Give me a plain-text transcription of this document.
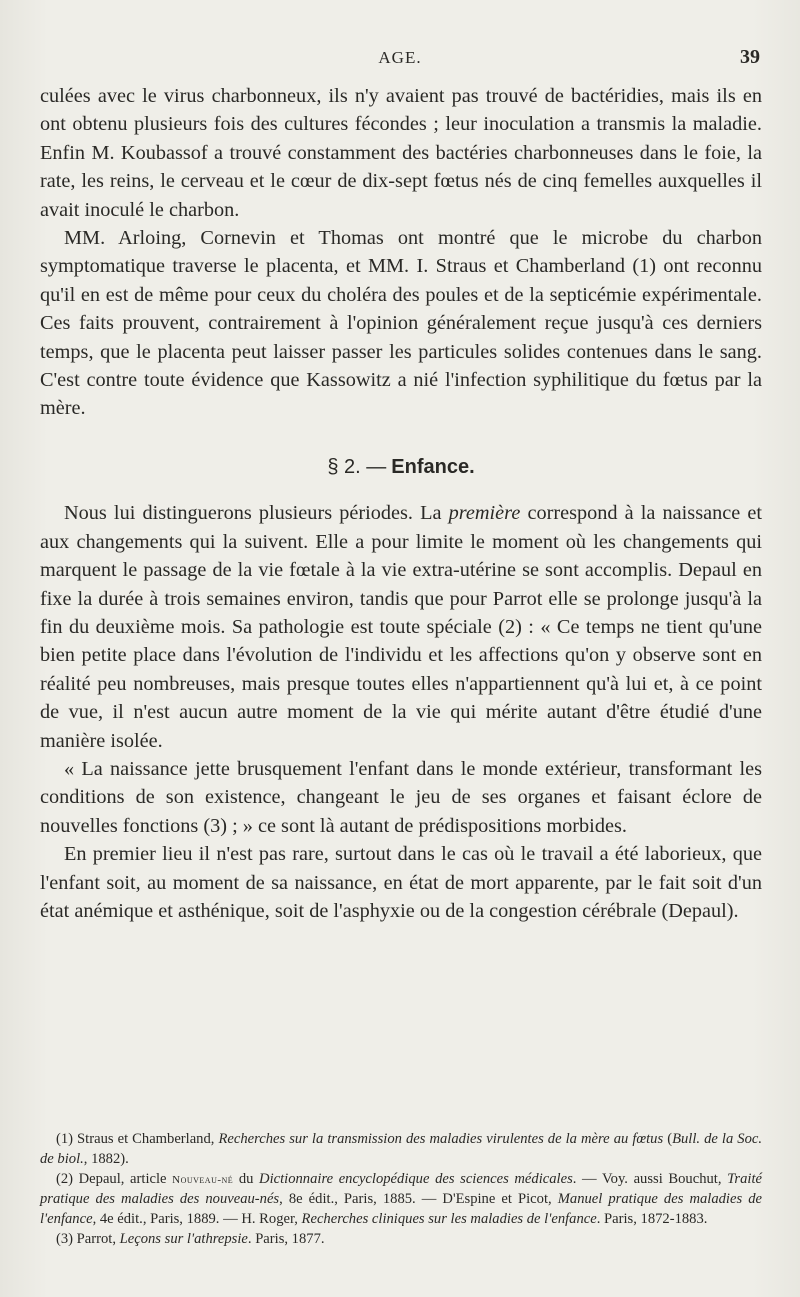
AGE.	39

culées avec le virus charbonneux, ils n'y avaient pas trouvé de bactéridies, mais ils en ont obtenu plusieurs fois des cultures fécondes ; leur inoculation a transmis la maladie. Enfin M. Koubassof a trouvé constamment des bactéries charbonneuses dans le foie, la rate, les reins, le cerveau et le cœur de dix-sept fœtus nés de cinq femelles auxquelles il avait inoculé le charbon.

MM. Arloing, Cornevin et Thomas ont montré que le microbe du charbon symptomatique traverse le placenta, et MM. I. Straus et Chamberland (1) ont reconnu qu'il en est de même pour ceux du choléra des poules et de la septicémie expérimentale. Ces faits prouvent, contrairement à l'opinion généralement reçue jusqu'à ces derniers temps, que le placenta peut laisser passer les particules solides contenues dans le sang. C'est contre toute évidence que Kassowitz a nié l'infection syphilitique du fœtus par la mère.

§ 2. — Enfance.

Nous lui distinguerons plusieurs périodes. La première correspond à la naissance et aux changements qui la suivent. Elle a pour limite le moment où les changements qui marquent le passage de la vie fœtale à la vie extra-utérine se sont accomplis. Depaul en fixe la durée à trois semaines environ, tandis que pour Parrot elle se prolonge jusqu'à la fin du deuxième mois. Sa pathologie est toute spéciale (2) : « Ce temps ne tient qu'une bien petite place dans l'évolution de l'individu et les affections qu'on y observe sont en réalité peu nombreuses, mais presque toutes elles n'appartiennent qu'à lui et, à ce point de vue, il n'est aucun autre moment de la vie qui mérite autant d'être étudié d'une manière isolée.

« La naissance jette brusquement l'enfant dans le monde extérieur, transformant les conditions de son existence, changeant le jeu de ses organes et faisant éclore de nouvelles fonctions (3) ; » ce sont là autant de prédispositions morbides.

En premier lieu il n'est pas rare, surtout dans le cas où le travail a été laborieux, que l'enfant soit, au moment de sa naissance, en état de mort apparente, par le fait soit d'un état anémique et asthénique, soit de l'asphyxie ou de la congestion cérébrale (Depaul).

(1) Straus et Chamberland, Recherches sur la transmission des maladies virulentes de la mère au fœtus (Bull. de la Soc. de biol., 1882).

(2) Depaul, article Nouveau-né du Dictionnaire encyclopédique des sciences médicales. — Voy. aussi Bouchut, Traité pratique des maladies des nouveau-nés, 8e édit., Paris, 1885. — D'Espine et Picot, Manuel pratique des maladies de l'enfance, 4e édit., Paris, 1889. — H. Roger, Recherches cliniques sur les maladies de l'enfance. Paris, 1872-1883.

(3) Parrot, Leçons sur l'athrepsie. Paris, 1877.
